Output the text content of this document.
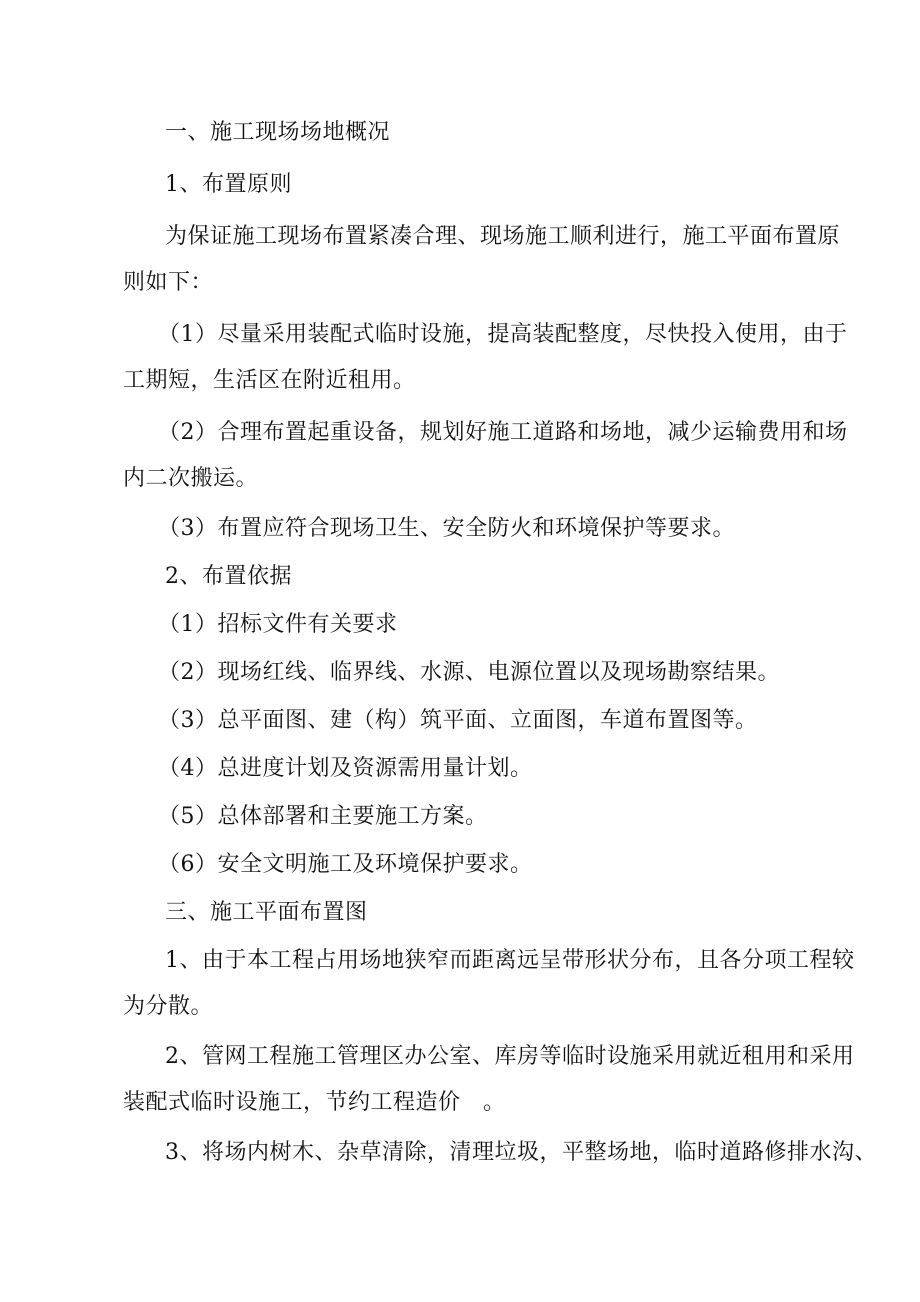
一、施工现场场地概况
1、布置原则
为保证施工现场布置紧凑合理、现场施工顺利进行，施工平面布置原
则如下：
（1）尽量采用装配式临时设施，提高装配整度，尽快投入使用，由于
工期短，生活区在附近租用。
（2）合理布置起重设备，规划好施工道路和场地，减少运输费用和场
内二次搬运。
（3）布置应符合现场卫生、安全防火和环境保护等要求。
2、布置依据
（1）招标文件有关要求
（2）现场红线、临界线、水源、电源位置以及现场勘察结果。
（3）总平面图、建（构）筑平面、立面图，车道布置图等。
（4）总进度计划及资源需用量计划。
（5）总体部署和主要施工方案。
（6）安全文明施工及环境保护要求。
三、施工平面布置图
1、由于本工程占用场地狭窄而距离远呈带形状分布，且各分项工程较
为分散。
2、管网工程施工管理区办公室、库房等临时设施采用就近租用和采用
装配式临时设施工，节约工程造价　。
3、将场内树木、杂草清除，清理垃圾，平整场地，临时道路修排水沟、
